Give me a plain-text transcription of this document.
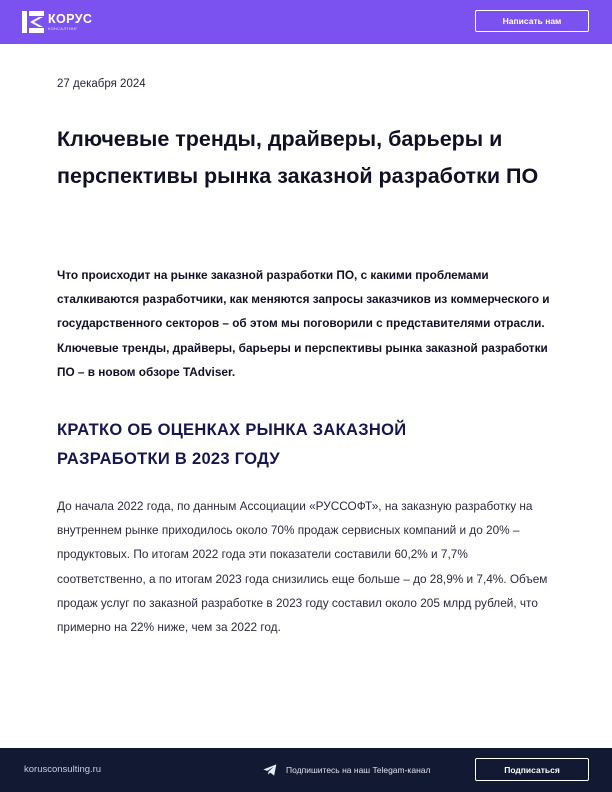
КОРУС
КОНСАЛТИНГ
Написать нам
27 декабря 2024
Ключевые тренды, драйверы, барьеры и перспективы рынка заказной разработки ПО

Что происходит на рынке заказной разработки ПО, с какими проблемами сталкиваются разработчики, как меняются запросы заказчиков из коммерческого и государственного секторов – об этом мы поговорили с представителями отрасли. Ключевые тренды, драйверы, барьеры и перспективы рынка заказной разработки ПО – в новом обзоре TAdviser.

КРАТКО ОБ ОЦЕНКАХ РЫНКА ЗАКАЗНОЙ РАЗРАБОТКИ В 2023 ГОДУ

До начала 2022 года, по данным Ассоциации «РУССОФТ», на заказную разработку на внутреннем рынке приходилось около 70% продаж сервисных компаний и до 20% – продуктовых. По итогам 2022 года эти показатели составили 60,2% и 7,7% соответственно, а по итогам 2023 года снизились еще больше – до 28,9% и 7,4%. Объем продаж услуг по заказной разработке в 2023 году составил около 205 млрд рублей, что примерно на 22% ниже, чем за 2022 год.

korusconsulting.ru	Подпишитесь на наш Telegam-канал	Подписаться
